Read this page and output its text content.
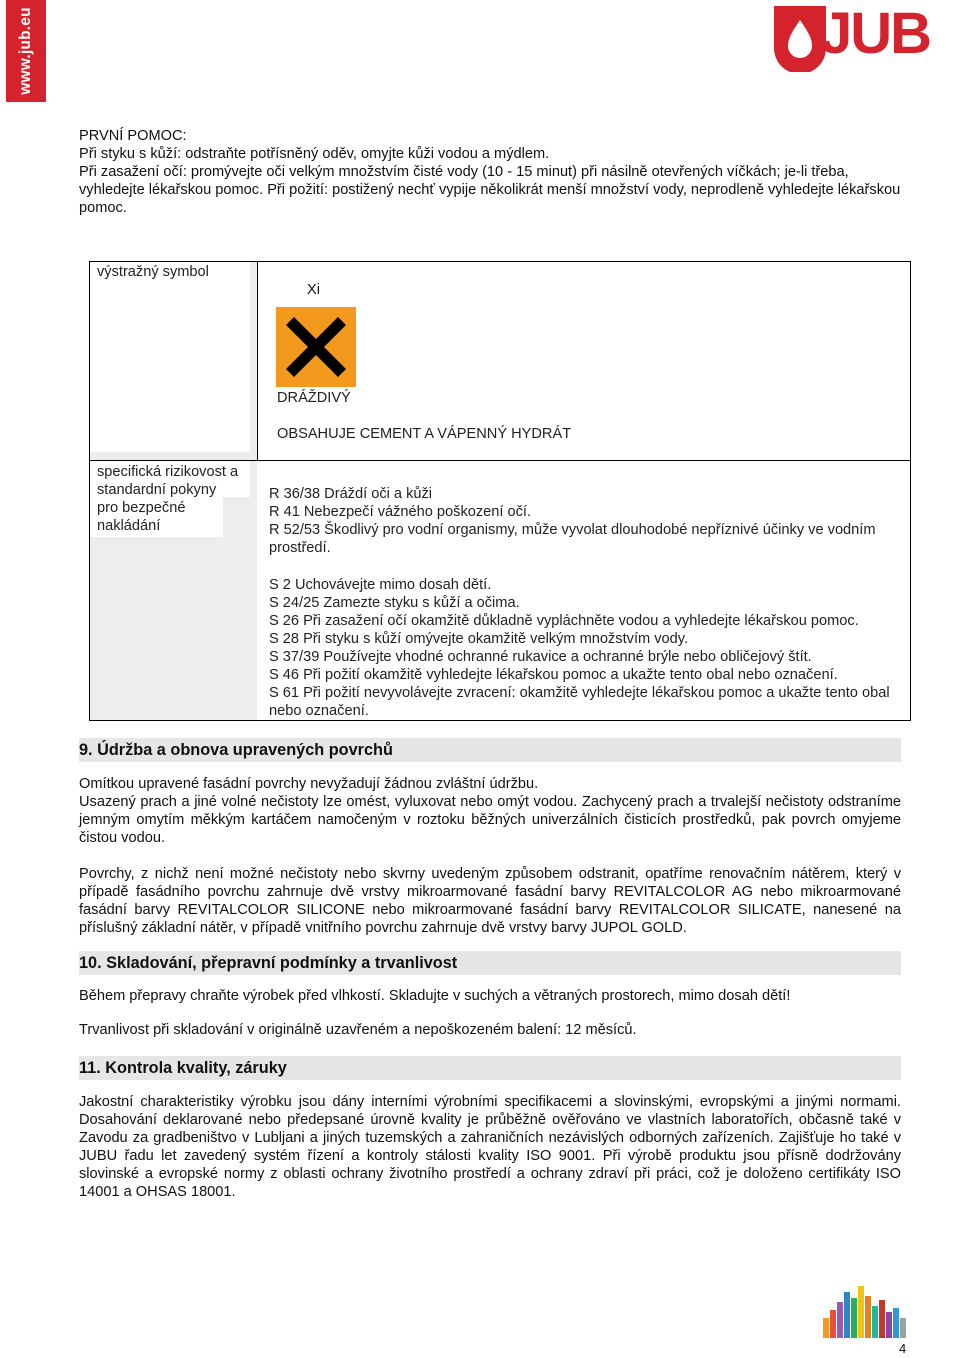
www.jub.eu	JUB

PRVNÍ POMOC:

Při styku s kůží: odstraňte potřísněný oděv, omyjte kůži vodou a mýdlem.

Při zasažení očí: promývejte oči velkým množstvím čisté vody (10 - 15 minut) při násilně otevřených víčkách; je-li třeba, vyhledejte lékařskou pomoc. Při požití: postižený nechť vypije několikrát menší množství vody, neprodleně vyhledejte lékařskou pomoc.

výstražný symbol
Xi
DRÁŽDIVÝ
OBSAHUJE CEMENT A VÁPENNÝ HYDRÁT
specifická rizikovost a
standardní pokyny
pro bezpečné
nakládání
R 36/38 Dráždí oči a kůži
R 41 Nebezpečí vážného poškození očí.
R 52/53 Škodlivý pro vodní organismy, může vyvolat dlouhodobé nepříznivé účinky ve vodním prostředí.
S 2 Uchovávejte mimo dosah dětí.
S 24/25 Zamezte styku s kůží a očima.
S 26 Při zasažení očí okamžitě důkladně vypláchněte vodou a vyhledejte lékařskou pomoc.
S 28 Při styku s kůží omývejte okamžitě velkým množstvím vody.
S 37/39 Používejte vhodné ochranné rukavice a ochranné brýle nebo obličejový štít.
S 46 Při požití okamžitě vyhledejte lékařskou pomoc a ukažte tento obal nebo označení.
S 61 Při požití nevyvolávejte zvracení: okamžitě vyhledejte lékařskou pomoc a ukažte tento obal nebo označení.
9. Údržba a obnova upravených povrchů

Omítkou upravené fasádní povrchy nevyžadují žádnou zvláštní údržbu.

Usazený prach a jiné volné nečistoty lze omést, vyluxovat nebo omýt vodou. Zachycený prach a trvalejší nečistoty odstraníme jemným omytím měkkým kartáčem namočeným v roztoku běžných univerzálních čisticích prostředků, pak povrch omyjeme čistou vodou.

Povrchy, z nichž není možné nečistoty nebo skvrny uvedeným způsobem odstranit, opatříme renovačním nátěrem, který v případě fasádního povrchu zahrnuje dvě vrstvy mikroarmované fasádní barvy REVITALCOLOR AG nebo mikroarmované fasádní barvy REVITALCOLOR SILICONE nebo mikroarmované fasádní barvy REVITALCOLOR SILICATE, nanesené na příslušný základní nátěr, v případě vnitřního povrchu zahrnuje dvě vrstvy barvy JUPOL GOLD.

10. Skladování, přepravní podmínky a trvanlivost

Během přepravy chraňte výrobek před vlhkostí. Skladujte v suchých a větraných prostorech, mimo dosah dětí!

Trvanlivost při skladování v originálně uzavřeném a nepoškozeném balení: 12 měsíců.

11. Kontrola kvality, záruky

Jakostní charakteristiky výrobku jsou dány interními výrobními specifikacemi a slovinskými, evropskými a jinými normami. Dosahování deklarované nebo předepsané úrovně kvality je průběžně ověřováno ve vlastních laboratořích, občasně také v Zavodu za gradbeništvo v Lubljani a jiných tuzemských a zahraničních nezávislých odborných zařízeních. Zajišťuje ho také v JUBU řadu let zavedený systém řízení a kontroly stálosti kvality ISO 9001. Při výrobě produktu jsou přísně dodržovány slovinské a evropské normy z oblasti ochrany životního prostředí a ochrany zdraví při práci, což je doloženo certifikáty ISO 14001 a OHSAS 18001.

4
